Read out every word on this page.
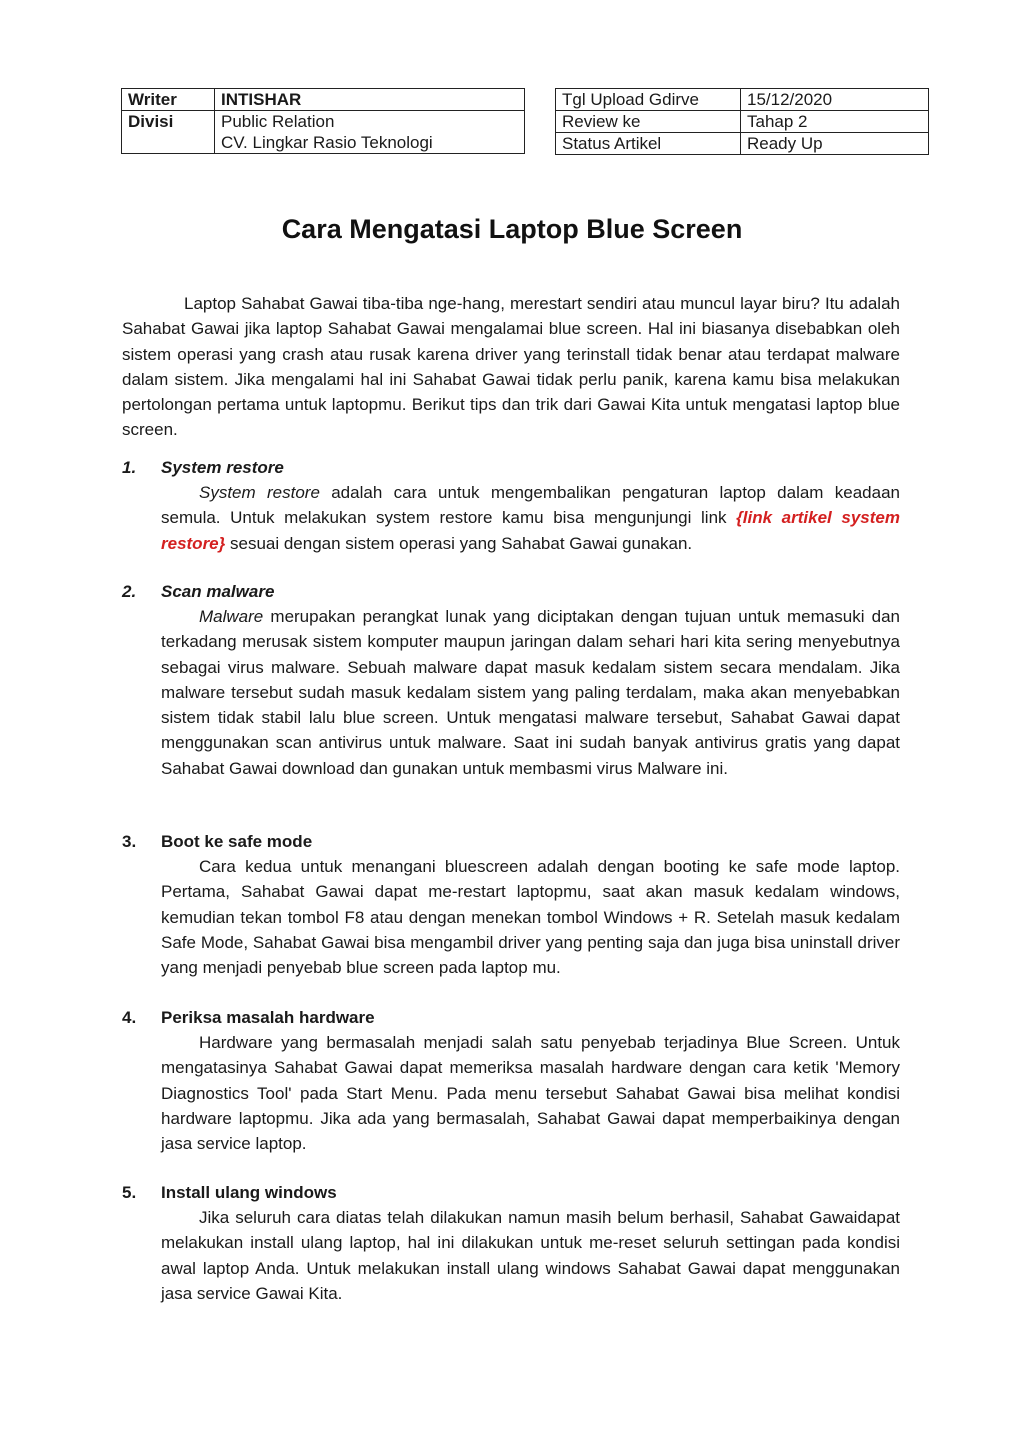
Writer	INTISHAR
Divisi	Public Relation
	CV. Lingkar Rasio Teknologi
Tgl Upload Gdirve	15/12/2020
Review ke	Tahap 2
Status Artikel	Ready Up
Cara Mengatasi Laptop Blue Screen

Laptop Sahabat Gawai tiba-tiba nge-hang, merestart sendiri atau muncul layar biru? Itu adalah Sahabat Gawai jika laptop Sahabat Gawai mengalamai blue screen. Hal ini biasanya disebabkan oleh sistem operasi yang crash atau rusak karena driver yang terinstall tidak benar atau terdapat malware dalam sistem. Jika mengalami hal ini Sahabat Gawai tidak perlu panik, karena kamu bisa melakukan pertolongan pertama untuk laptopmu. Berikut tips dan trik dari Gawai Kita untuk mengatasi laptop blue screen.

1. System restore

System restore adalah cara untuk mengembalikan pengaturan laptop dalam keadaan semula. Untuk melakukan system restore kamu bisa mengunjungi link {link artikel system restore} sesuai dengan sistem operasi yang Sahabat Gawai gunakan.

2. Scan malware

Malware merupakan perangkat lunak yang diciptakan dengan tujuan untuk memasuki dan terkadang merusak sistem komputer maupun jaringan dalam sehari hari kita sering menyebutnya sebagai virus malware. Sebuah malware dapat masuk kedalam sistem secara mendalam. Jika malware tersebut sudah masuk kedalam sistem yang paling terdalam, maka akan menyebabkan sistem tidak stabil lalu blue screen. Untuk mengatasi malware tersebut, Sahabat Gawai dapat menggunakan scan antivirus untuk malware. Saat ini sudah banyak antivirus gratis yang dapat Sahabat Gawai download dan gunakan untuk membasmi virus Malware ini.

3. Boot ke safe mode

Cara kedua untuk menangani bluescreen adalah dengan booting ke safe mode laptop. Pertama, Sahabat Gawai dapat me-restart laptopmu, saat akan masuk kedalam windows, kemudian tekan tombol F8 atau dengan menekan tombol Windows + R. Setelah masuk kedalam Safe Mode, Sahabat Gawai bisa mengambil driver yang penting saja dan juga bisa uninstall driver yang menjadi penyebab blue screen pada laptop mu.

4. Periksa masalah hardware

Hardware yang bermasalah menjadi salah satu penyebab terjadinya Blue Screen. Untuk mengatasinya Sahabat Gawai dapat memeriksa masalah hardware dengan cara ketik 'Memory Diagnostics Tool' pada Start Menu. Pada menu tersebut Sahabat Gawai bisa melihat kondisi hardware laptopmu. Jika ada yang bermasalah, Sahabat Gawai dapat memperbaikinya dengan jasa service laptop.

5. Install ulang windows

Jika seluruh cara diatas telah dilakukan namun masih belum berhasil, Sahabat Gawaidapat melakukan install ulang laptop, hal ini dilakukan untuk me-reset seluruh settingan pada kondisi awal laptop Anda. Untuk melakukan install ulang windows Sahabat Gawai dapat menggunakan jasa service Gawai Kita.
